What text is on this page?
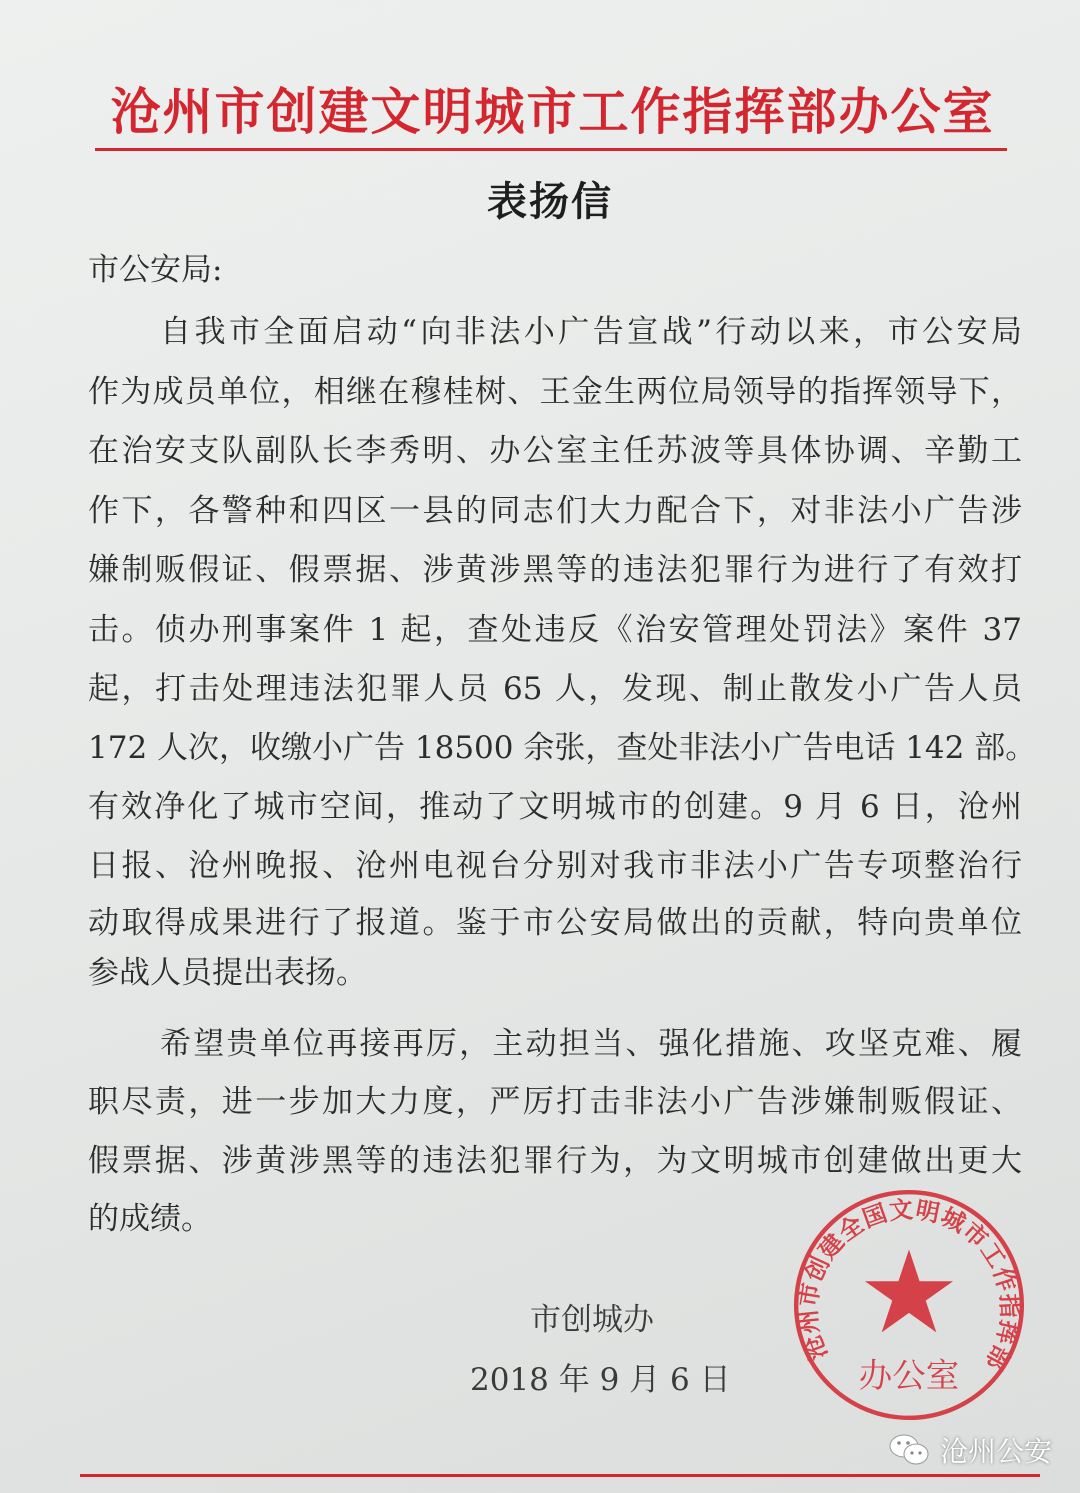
沧州市创建文明城市工作指挥部办公室
表扬信
市公安局:
自我市全面启动“向非法小广告宣战”行动以来，市公安局
作为成员单位，相继在穆桂树、王金生两位局领导的指挥领导下，
在治安支队副队长李秀明、办公室主任苏波等具体协调、辛勤工
作下，各警种和四区一县的同志们大力配合下，对非法小广告涉
嫌制贩假证、假票据、涉黄涉黑等的违法犯罪行为进行了有效打
击。侦办刑事案件 1 起，查处违反《治安管理处罚法》案件 37
起，打击处理违法犯罪人员 65 人，发现、制止散发小广告人员
172 人次，收缴小广告 18500 余张，查处非法小广告电话 142 部。
有效净化了城市空间，推动了文明城市的创建。9 月 6 日，沧州
日报、沧州晚报、沧州电视台分别对我市非法小广告专项整治行
动取得成果进行了报道。鉴于市公安局做出的贡献，特向贵单位
参战人员提出表扬。
希望贵单位再接再厉，主动担当、强化措施、攻坚克难、履
职尽责，进一步加大力度，严厉打击非法小广告涉嫌制贩假证、
假票据、涉黄涉黑等的违法犯罪行为，为文明城市创建做出更大
的成绩。
沧州市创建全国文明城市工作指挥部
办公室
市创城办
2018 年 9 月 6 日
沧州公安
